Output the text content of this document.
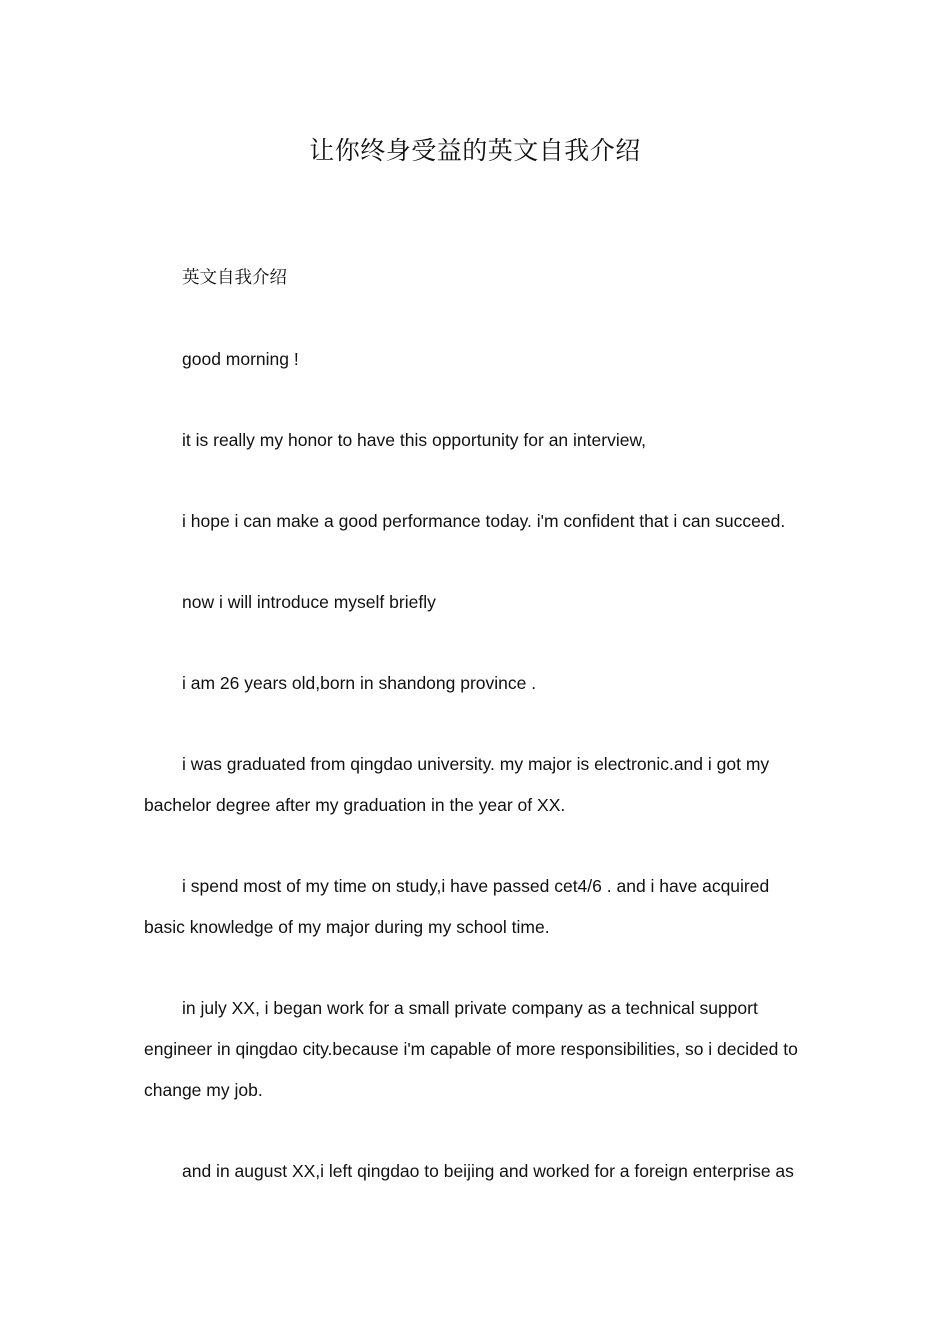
让你终身受益的英文自我介绍

英文自我介绍

good morning !

it is really my honor to have this opportunity for an interview,

i hope i can make a good performance today. i'm confident that i can succeed.

now i will introduce myself briefly

i am 26 years old,born in shandong province .

i was graduated from qingdao university. my major is electronic.and i got my bachelor degree after my graduation in the year of XX.

i spend most of my time on study,i have passed cet4/6 . and i have acquired basic knowledge of my major during my school time.

in july XX, i began work for a small private company as a technical support engineer in qingdao city.because i'm capable of more responsibilities, so i decided to change my job.

and in august XX,i left qingdao to beijing and worked for a foreign enterprise as
